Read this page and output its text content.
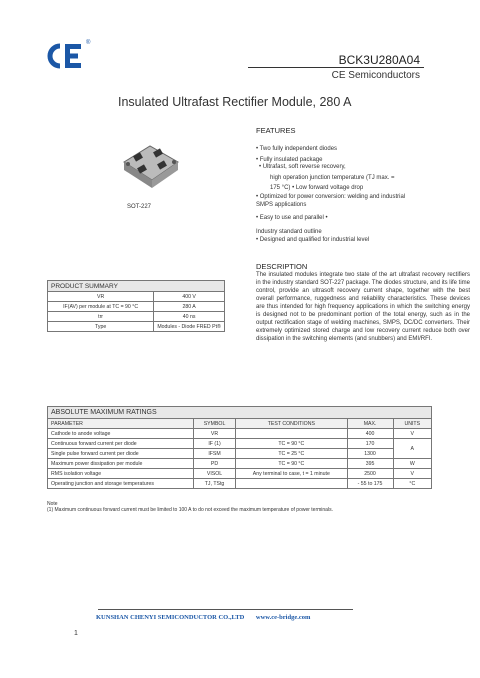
®
BCK3U280A04
CE Semiconductors
Insulated Ultrafast Rectifier Module, 280 A
SOT-227
FEATURES
• Two fully independent diodes
• Fully insulated package
• Ultrafast, soft reverse recovery,
high operation junction temperature (TJ max. =
175 °C) • Low forward voltage drop
• Optimized for power conversion: welding and industrial
SMPS applications
• Easy to use and parallel •
Industry standard outline
• Designed and qualified for industrial level
PRODUCT SUMMARY	
VR	400 V
IF(AV) per module at TC = 90 °C	280 A
trr	40 ns
Type	Modules - Diode FRED Pt®
DESCRIPTION
The insulated modules integrate two state of the art ultrafast recovery rectifiers in the industry standard SOT-227 package. The diodes structure, and its life time control, provide an ultrasoft recovery current shape, together with the best overall performance, ruggedness and reliability characteristics. These devices are thus intended for high frequency applications in which the switching energy is designed not to be predominant portion of the total energy, such as in the output rectification stage of welding machines, SMPS, DC/DC converters. Their extremely optimized stored charge and low recovery current reduce both over dissipation in the switching elements (and snubbers) and EMI/RFI.
ABSOLUTE MAXIMUM RATINGS				
PARAMETER	SYMBOL	TEST CONDITIONS	MAX.	UNITS
Cathode to anode voltage	VR		400	V
Continuous forward current per diode	IF (1)	TC = 90 °C	170	A
Single pulse forward current per diode	IFSM	TC = 25 °C	1300	
Maximum power dissipation per module	PD	TC = 90 °C	395	W
RMS isolation voltage	VISOL	Any terminal to case, t = 1 minute	2500	V
Operating junction and storage temperatures	TJ, TStg		- 55 to 175	°C
Note
(1) Maximum continuous forward current must be limited to 100 A to do not exceed the maximum temperature of power terminals.
KUNSHAN CHENYI SEMICONDUCTOR CO.,LTD www.ce-bridge.com
1
